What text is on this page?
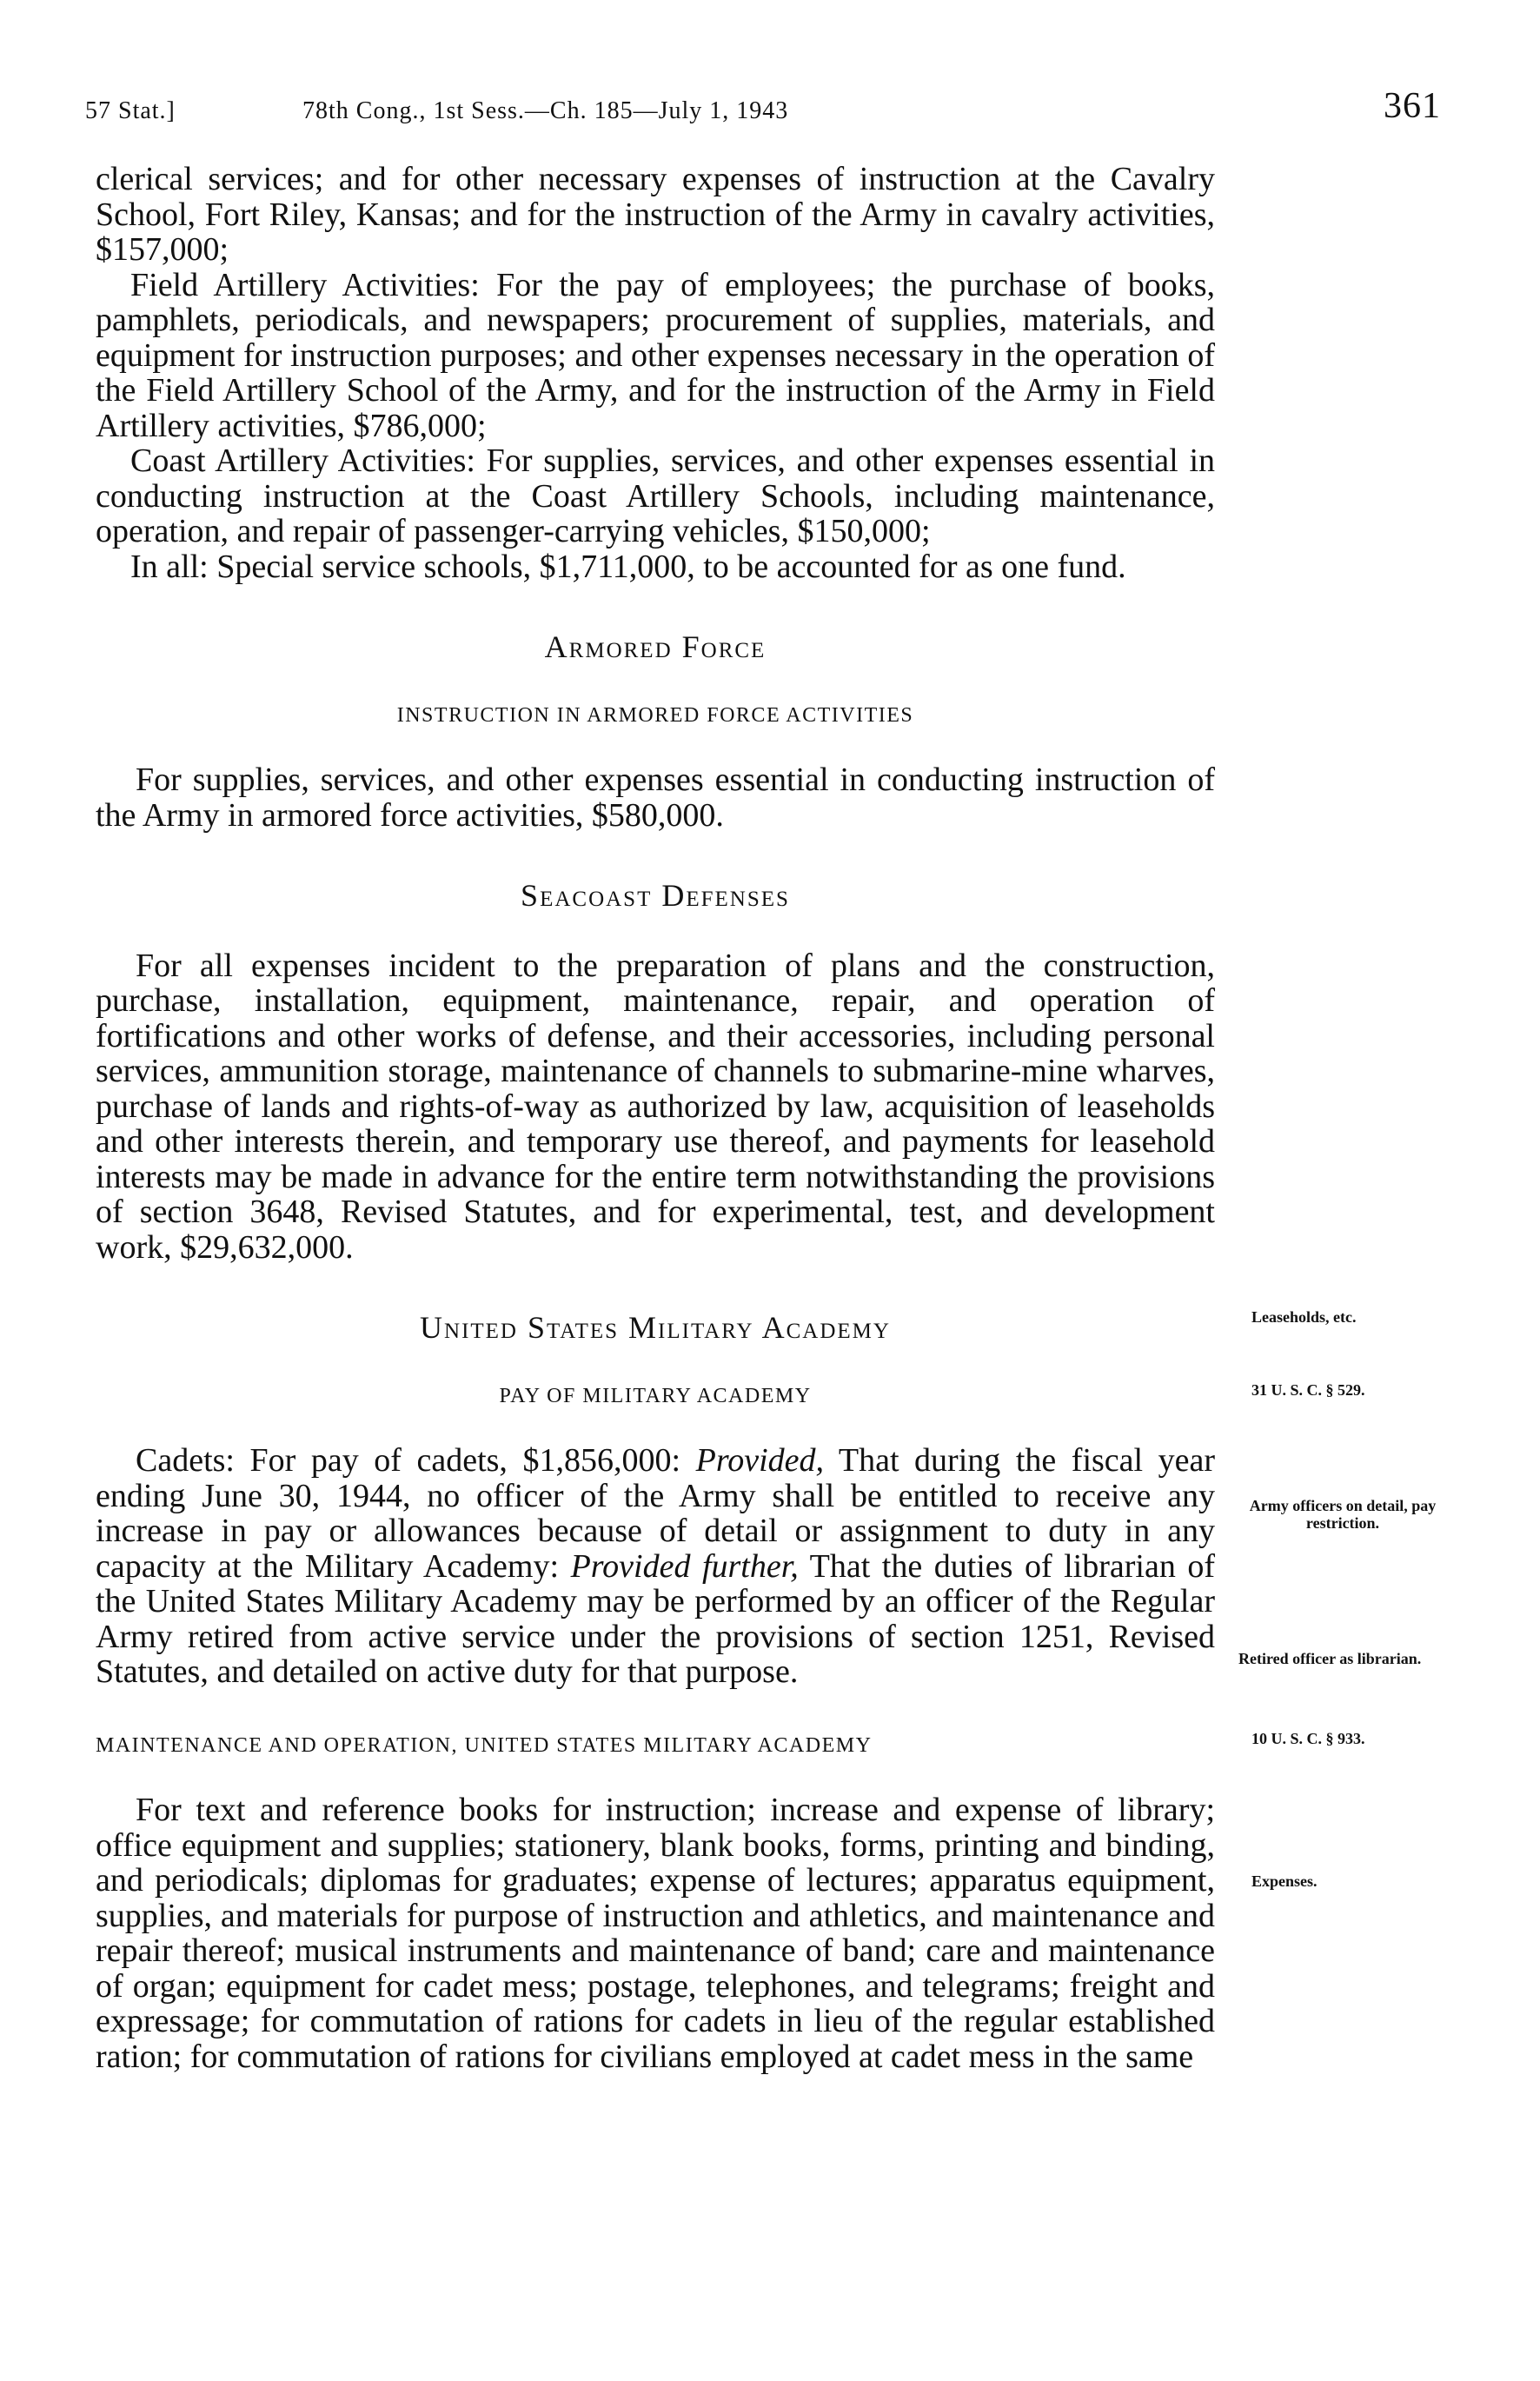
57 Stat.]	78th Cong., 1st Sess.—Ch. 185—July 1, 1943	361

clerical services; and for other necessary expenses of instruction at the Cavalry School, Fort Riley, Kansas; and for the instruction of the Army in cavalry activities, $157,000;

Field Artillery Activities: For the pay of employees; the purchase of books, pamphlets, periodicals, and newspapers; procurement of supplies, materials, and equipment for instruction purposes; and other expenses necessary in the operation of the Field Artillery School of the Army, and for the instruction of the Army in Field Artillery activities, $786,000;

Coast Artillery Activities: For supplies, services, and other expenses essential in conducting instruction at the Coast Artillery Schools, including maintenance, operation, and repair of passenger-carrying vehicles, $150,000;

In all: Special service schools, $1,711,000, to be accounted for as one fund.

Armored Force
INSTRUCTION IN ARMORED FORCE ACTIVITIES

For supplies, services, and other expenses essential in conducting instruction of the Army in armored force activities, $580,000.

Seacoast Defenses

For all expenses incident to the preparation of plans and the construction, purchase, installation, equipment, maintenance, repair, and operation of fortifications and other works of defense, and their accessories, including personal services, ammunition storage, maintenance of channels to submarine-mine wharves, purchase of lands and rights-of-way as authorized by law, acquisition of leaseholds and other interests therein, and temporary use thereof, and payments for leasehold interests may be made in advance for the entire term notwithstanding the provisions of section 3648, Revised Statutes, and for experimental, test, and development work, $29,632,000.

United States Military Academy
PAY OF MILITARY ACADEMY

Cadets: For pay of cadets, $1,856,000: Provided, That during the fiscal year ending June 30, 1944, no officer of the Army shall be entitled to receive any increase in pay or allowances because of detail or assignment to duty in any capacity at the Military Academy: Provided further, That the duties of librarian of the United States Military Academy may be performed by an officer of the Regular Army retired from active service under the provisions of section 1251, Revised Statutes, and detailed on active duty for that purpose.

MAINTENANCE AND OPERATION, UNITED STATES MILITARY ACADEMY

For text and reference books for instruction; increase and expense of library; office equipment and supplies; stationery, blank books, forms, printing and binding, and periodicals; diplomas for graduates; expense of lectures; apparatus equipment, supplies, and materials for purpose of instruction and athletics, and maintenance and repair thereof; musical instruments and maintenance of band; care and maintenance of organ; equipment for cadet mess; postage, telephones, and telegrams; freight and expressage; for commutation of rations for cadets in lieu of the regular established ration; for commutation of rations for civilians employed at cadet mess in the same

Leaseholds, etc.
31 U. S. C. § 529.
Army officers on detail, pay restriction.
Retired officer as librarian.
10 U. S. C. § 933.
Expenses.
